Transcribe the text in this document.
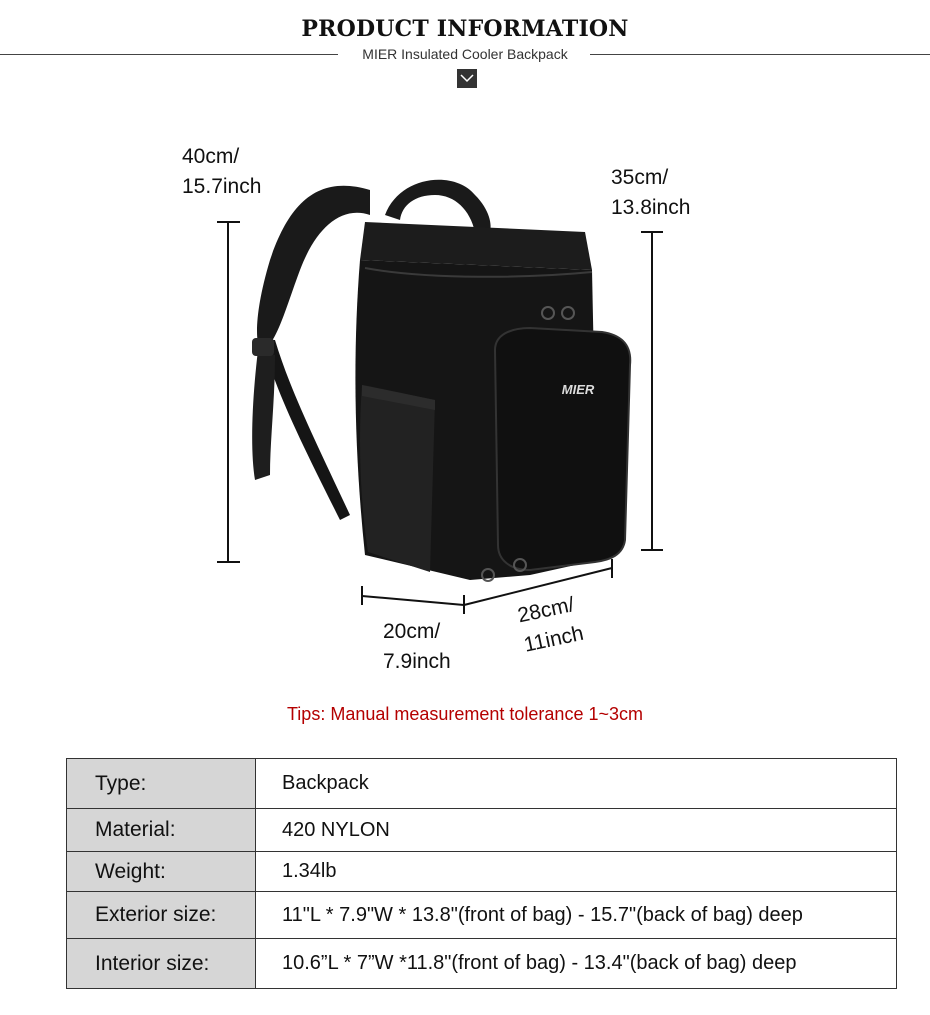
PRODUCT INFORMATION
MIER Insulated Cooler Backpack
MIER
40cm/
15.7inch	35cm/
13.8inch
20cm/
7.9inch
28cm/
11inch
Tips: Manual measurement tolerance 1~3cm
Type:	Backpack
Material:	420 NYLON
Weight:	1.34lb
Exterior size:	11"L * 7.9"W * 13.8"(front of bag) - 15.7"(back of bag) deep
Interior size:	10.6”L * 7”W *11.8"(front of bag) - 13.4"(back of bag) deep
